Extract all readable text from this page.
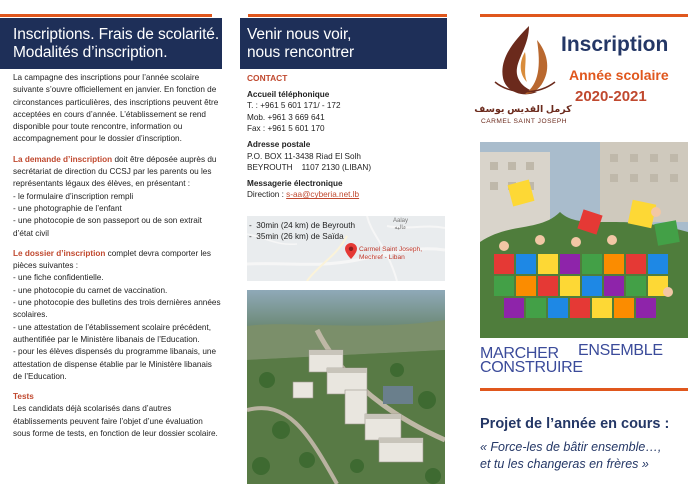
Inscriptions. Frais de scolarité.
Modalités d’inscription.

La campagne des inscriptions pour l’année scolaire suivante s’ouvre officiellement en janvier. En fonction de circonstances particulières, des inscriptions peuvent être acceptées en cours d’année. L’établissement se rend disponible pour toute rencontre, information ou accompagnement pour le dossier d’inscription.

La demande d’inscription doit être déposée auprès du secrétariat de direction du CCSJ par les parents ou les représentants légaux des élèves, en présentant :

- le formulaire d’inscription rempli
- une photographie de l’enfant
- une photocopie de son passeport ou de son extrait d’état civil

Le dossier d’inscription complet devra comporter les pièces suivantes :

- une fiche confidentielle.
- une photocopie du carnet de vaccination.
- une photocopie des bulletins des trois dernières années scolaires.
- une attestation de l’établissement scolaire précédent, authentifiée par le Ministère libanais de l’Education.
- pour les élèves dispensés du programme libanais, une attestation de dispense établie par le Ministère libanais de l’Education.
Tests

Les candidats déjà scolarisés dans d’autres établissements peuvent faire l’objet d’une évaluation sous forme de tests, en fonction de leur dossier scolaire.

Venir nous voir,
nous rencontrer
CONTACT
Accueil téléphonique
T. : +961 5 601 171/ - 172
Mob. +961 3 669 641
Fax : +961 5 601 170
Adresse postale
P.O. BOX 11-3438 Riad El Solh
BEYROUTH    1107 2130 (LIBAN)
Messagerie électronique
Direction : s-aa@cyberia.net.lb
-  30min (24 km) de Beyrouth
-  35min (26 km) de Saïda
Aalay
عاليه
Carmel Saint Joseph,
Mechref - Liban
كرمل القديس يوسف
CARMEL SAINT JOSEPH
Inscription
Année scolaire
2020-2021
MARCHER ENSEMBLE
CONSTRUIRE
Projet de l’année en cours :
« Force-les de bâtir ensemble…,
et tu les changeras en frères »
